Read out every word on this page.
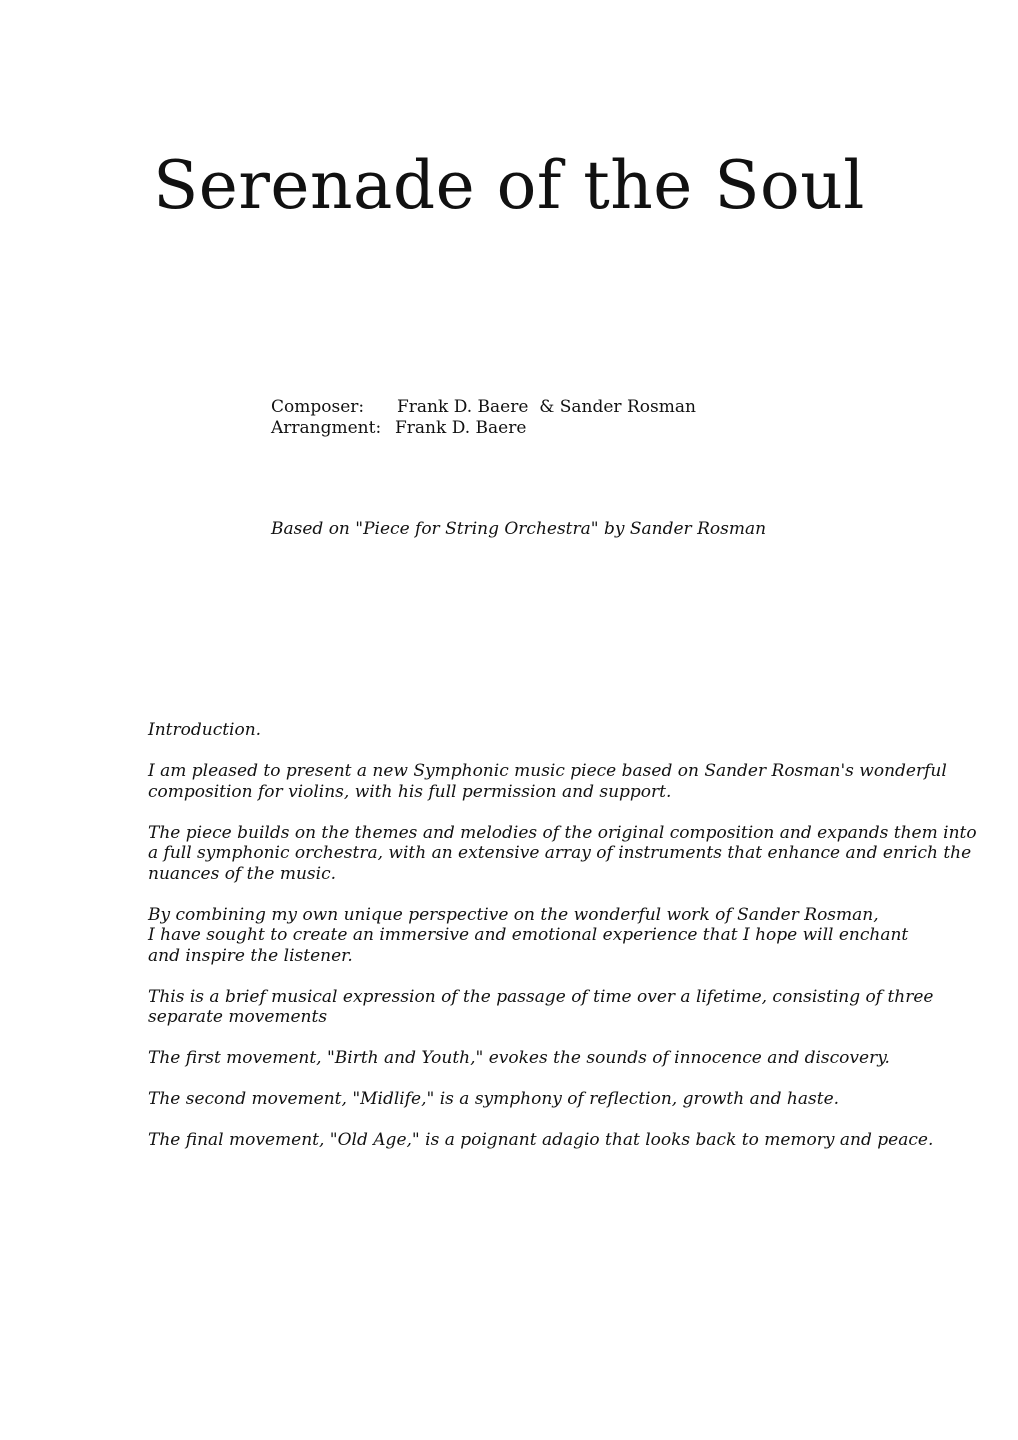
Serenade of the Soul
Composer:	Frank D. Baere  & Sander Rosman
Arrangment: Frank D. Baere
Based on "Piece for String Orchestra" by Sander Rosman

Introduction.

I am pleased to present a new Symphonic music piece based on Sander Rosman's wonderful
composition for violins, with his full permission and support.

The piece builds on the themes and melodies of the original composition and expands them into
a full symphonic orchestra, with an extensive array of instruments that enhance and enrich the
nuances of the music.

By combining my own unique perspective on the wonderful work of Sander Rosman,
I have sought to create an immersive and emotional experience that I hope will enchant
and inspire the listener.

This is a brief musical expression of the passage of time over a lifetime, consisting of three
separate movements

The first movement, "Birth and Youth," evokes the sounds of innocence and discovery.

The second movement, "Midlife," is a symphony of reflection, growth and haste.

The final movement, "Old Age," is a poignant adagio that looks back to memory and peace.
